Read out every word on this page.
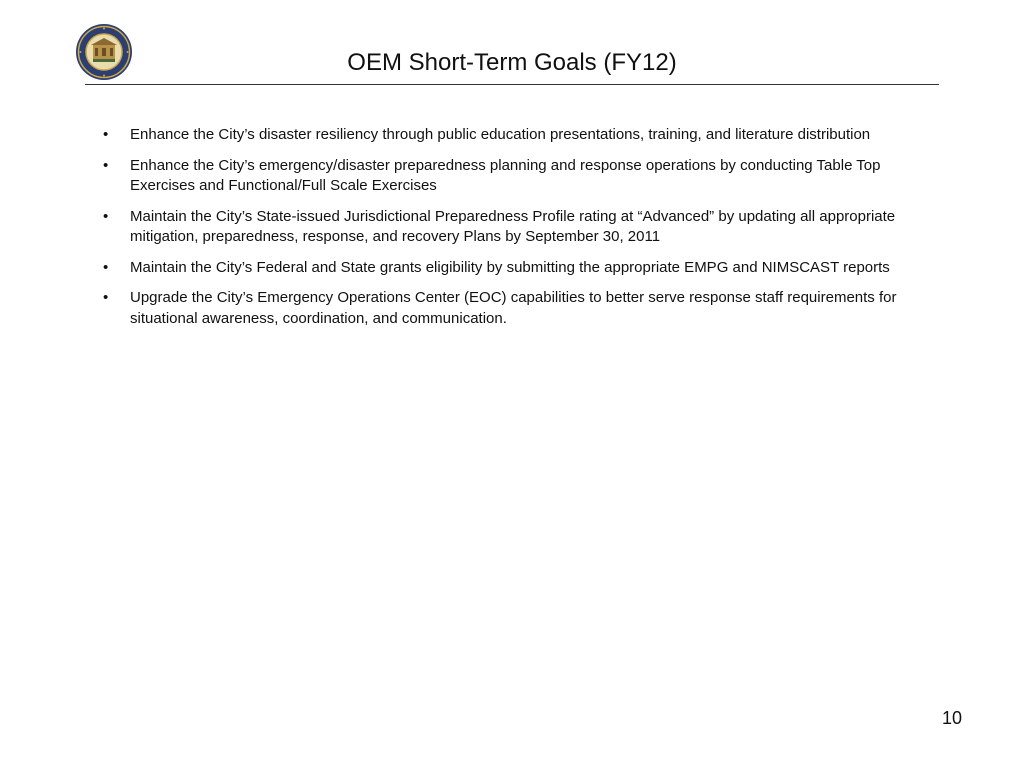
OEM Short-Term Goals (FY12)
• Enhance the City’s disaster resiliency through public education presentations, training, and literature distribution
• Enhance the City’s emergency/disaster preparedness planning and response operations by conducting Table Top Exercises and Functional/Full Scale Exercises
• Maintain the City’s State-issued Jurisdictional Preparedness Profile rating at “Advanced” by updating all appropriate mitigation, preparedness, response, and recovery Plans by September 30, 2011
• Maintain the City’s Federal and State grants eligibility by submitting the appropriate EMPG and NIMSCAST reports
• Upgrade the City’s Emergency Operations Center (EOC) capabilities to better serve response staff requirements for situational awareness, coordination, and communication.
10
